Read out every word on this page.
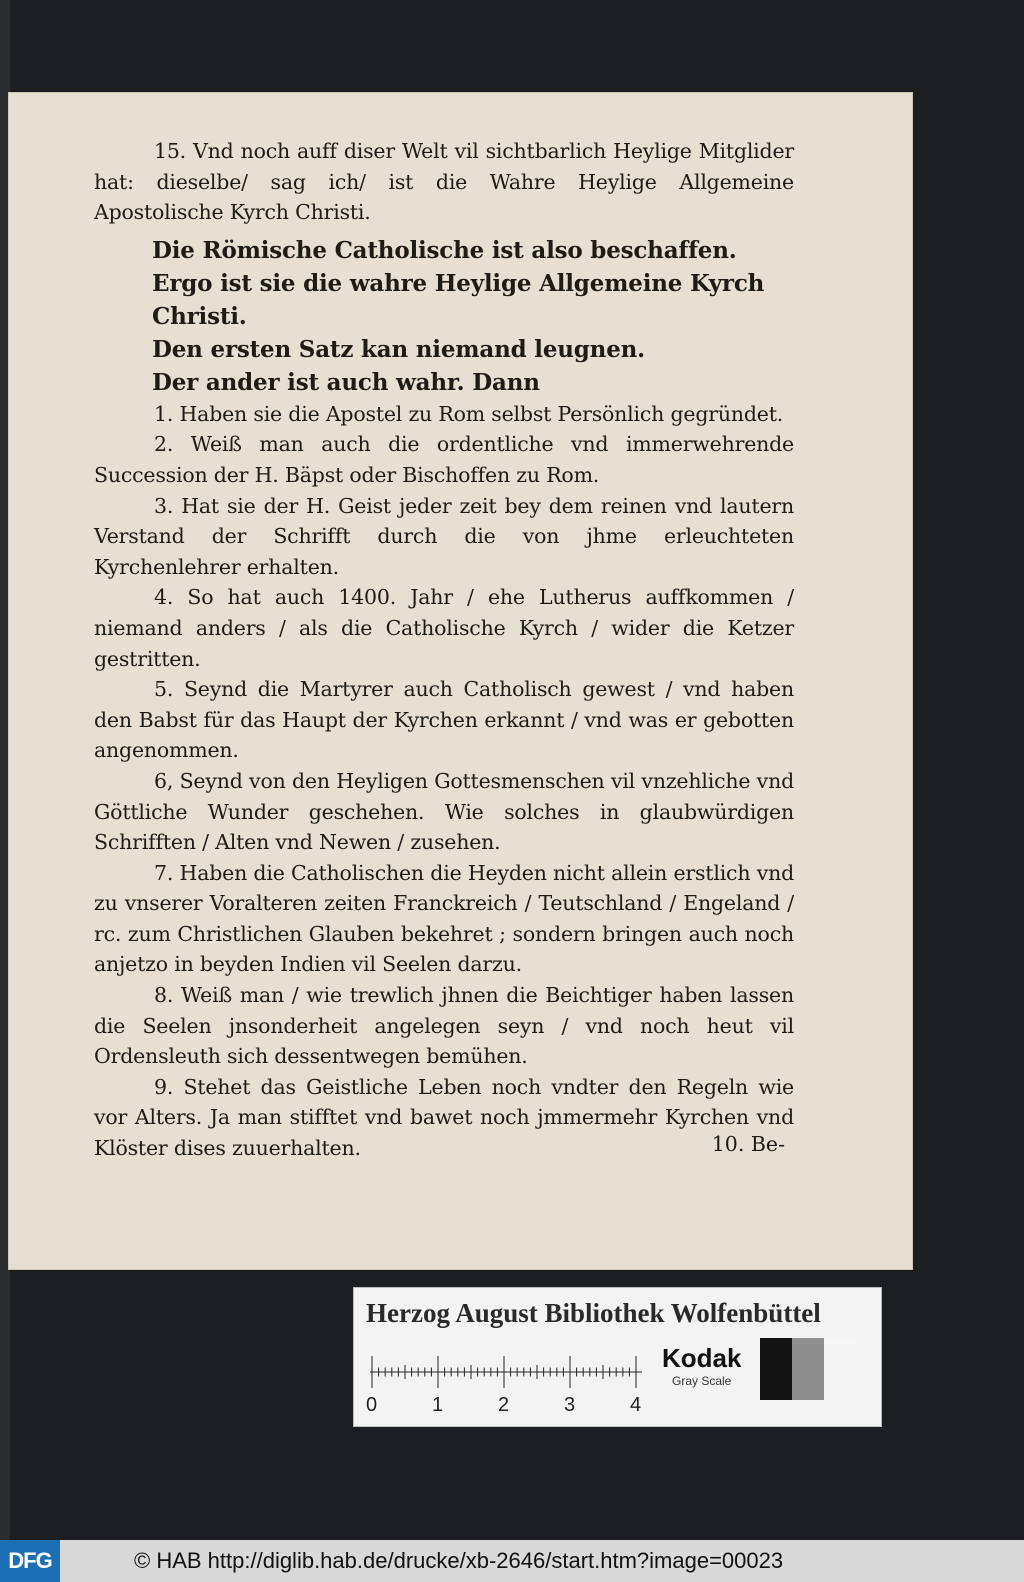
15. Vnd noch auff diser Welt vil sichtbarlich Heylige Mitglider hat: dieselbe/ sag ich/ ist die Wahre Heylige Allgemeine Apostolische Kyrch Christi.

Die Römische Catholische ist also beschaffen.

Ergo ist sie die wahre Heylige Allgemeine Kyrch Christi.

Den ersten Satz kan niemand leugnen.

Der ander ist auch wahr. Dann

1. Haben sie die Apostel zu Rom selbst Persönlich gegründet.

2. Weiß man auch die ordentliche vnd immerwehrende Succession der H. Bäpst oder Bischoffen zu Rom.

3. Hat sie der H. Geist jeder zeit bey dem reinen vnd lautern Verstand der Schrifft durch die von jhme erleuchteten Kyrchenlehrer erhalten.

4. So hat auch 1400. Jahr / ehe Lutherus auffkommen / niemand anders / als die Catholische Kyrch / wider die Ketzer gestritten.

5. Seynd die Martyrer auch Catholisch gewest / vnd haben den Babst für das Haupt der Kyrchen erkannt / vnd was er gebotten angenommen.

6, Seynd von den Heyligen Gottesmenschen vil vnzehliche vnd Göttliche Wunder geschehen. Wie solches in glaubwürdigen Schrifften / Alten vnd Newen / zusehen.

7. Haben die Catholischen die Heyden nicht allein erstlich vnd zu vnserer Voralteren zeiten Franckreich / Teutschland / Engeland / rc. zum Christlichen Glauben bekehret ; sondern bringen auch noch anjetzo in beyden Indien vil Seelen darzu.

8. Weiß man / wie trewlich jhnen die Beichtiger haben lassen die Seelen jnsonderheit angelegen seyn / vnd noch heut vil Ordensleuth sich dessentwegen bemühen.

9. Stehet das Geistliche Leben noch vndter den Regeln wie vor Alters. Ja man stifftet vnd bawet noch jmmermehr Kyrchen vnd Klöster dises zuuerhalten.	10. Be-
Herzog August Bibliothek Wolfenbüttel
0	1	2	3	4
Kodak
Gray Scale
DFG	© HAB http://diglib.hab.de/drucke/xb-2646/start.htm?image=00023
